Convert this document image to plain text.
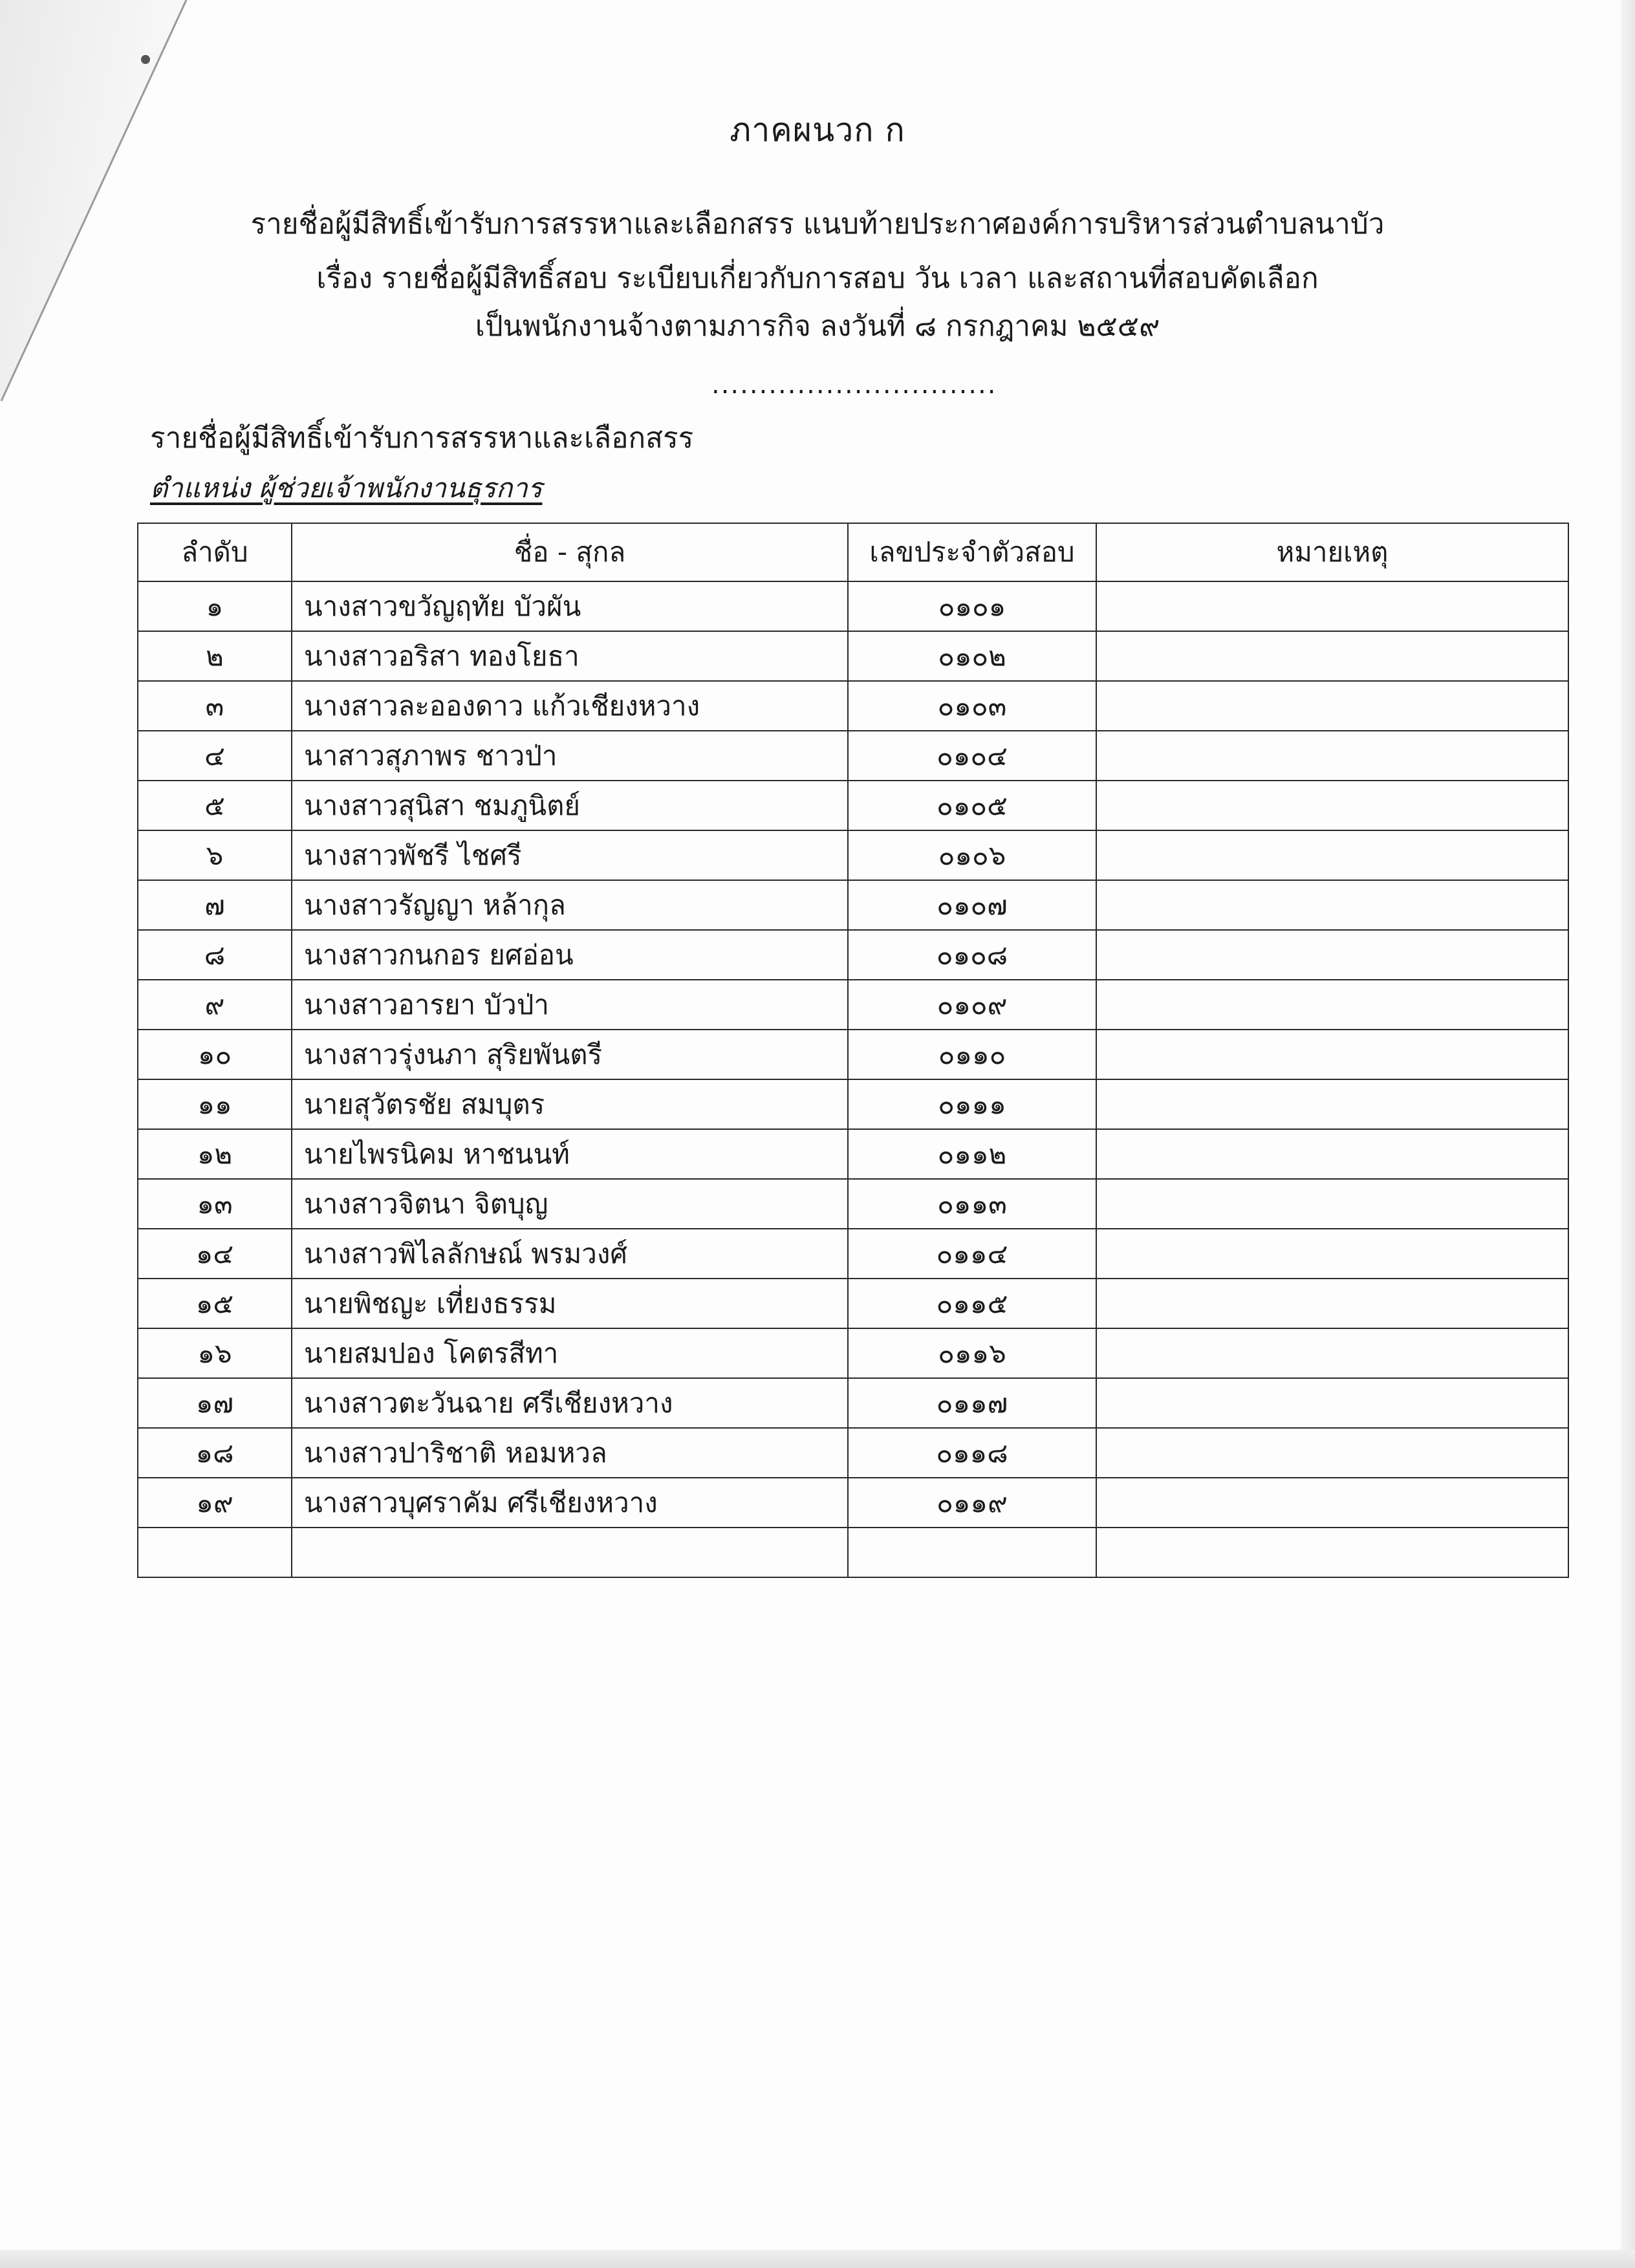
ภาคผนวก ก
รายชื่อผู้มีสิทธิ์เข้ารับการสรรหาและเลือกสรร แนบท้ายประกาศองค์การบริหารส่วนตำบลนาบัว
เรื่อง รายชื่อผู้มีสิทธิ์สอบ ระเบียบเกี่ยวกับการสอบ วัน เวลา และสถานที่สอบคัดเลือก
เป็นพนักงานจ้างตามภารกิจ ลงวันที่ ๘ กรกฎาคม ๒๕๕๙
..............................
รายชื่อผู้มีสิทธิ์เข้ารับการสรรหาและเลือกสรร
ตำแหน่ง ผู้ช่วยเจ้าพนักงานธุรการ
ลำดับ	ชื่อ - สุกล	เลขประจำตัวสอบ	หมายเหตุ
๑	นางสาวขวัญฤทัย บัวผัน	๐๑๐๑	
๒	นางสาวอริสา ทองโยธา	๐๑๐๒	
๓	นางสาวละอองดาว แก้วเชียงหวาง	๐๑๐๓	
๔	นาสาวสุภาพร ชาวป่า	๐๑๐๔	
๕	นางสาวสุนิสา ชมภูนิตย์	๐๑๐๕	
๖	นางสาวพัชรี ไชศรี	๐๑๐๖	
๗	นางสาวรัญญา หล้ากุล	๐๑๐๗	
๘	นางสาวกนกอร ยศอ่อน	๐๑๐๘	
๙	นางสาวอารยา บัวป่า	๐๑๐๙	
๑๐	นางสาวรุ่งนภา สุริยพันตรี	๐๑๑๐	
๑๑	นายสุวัตรชัย สมบุตร	๐๑๑๑	
๑๒	นายไพรนิคม หาชนนท์	๐๑๑๒	
๑๓	นางสาวจิตนา จิตบุญ	๐๑๑๓	
๑๔	นางสาวพิไลลักษณ์ พรมวงศ์	๐๑๑๔	
๑๕	นายพิชญะ เที่ยงธรรม	๐๑๑๕	
๑๖	นายสมปอง โคตรสีทา	๐๑๑๖	
๑๗	นางสาวตะวันฉาย ศรีเชียงหวาง	๐๑๑๗	
๑๘	นางสาวปาริชาติ หอมหวล	๐๑๑๘	
๑๙	นางสาวบุศราคัม ศรีเชียงหวาง	๐๑๑๙	
